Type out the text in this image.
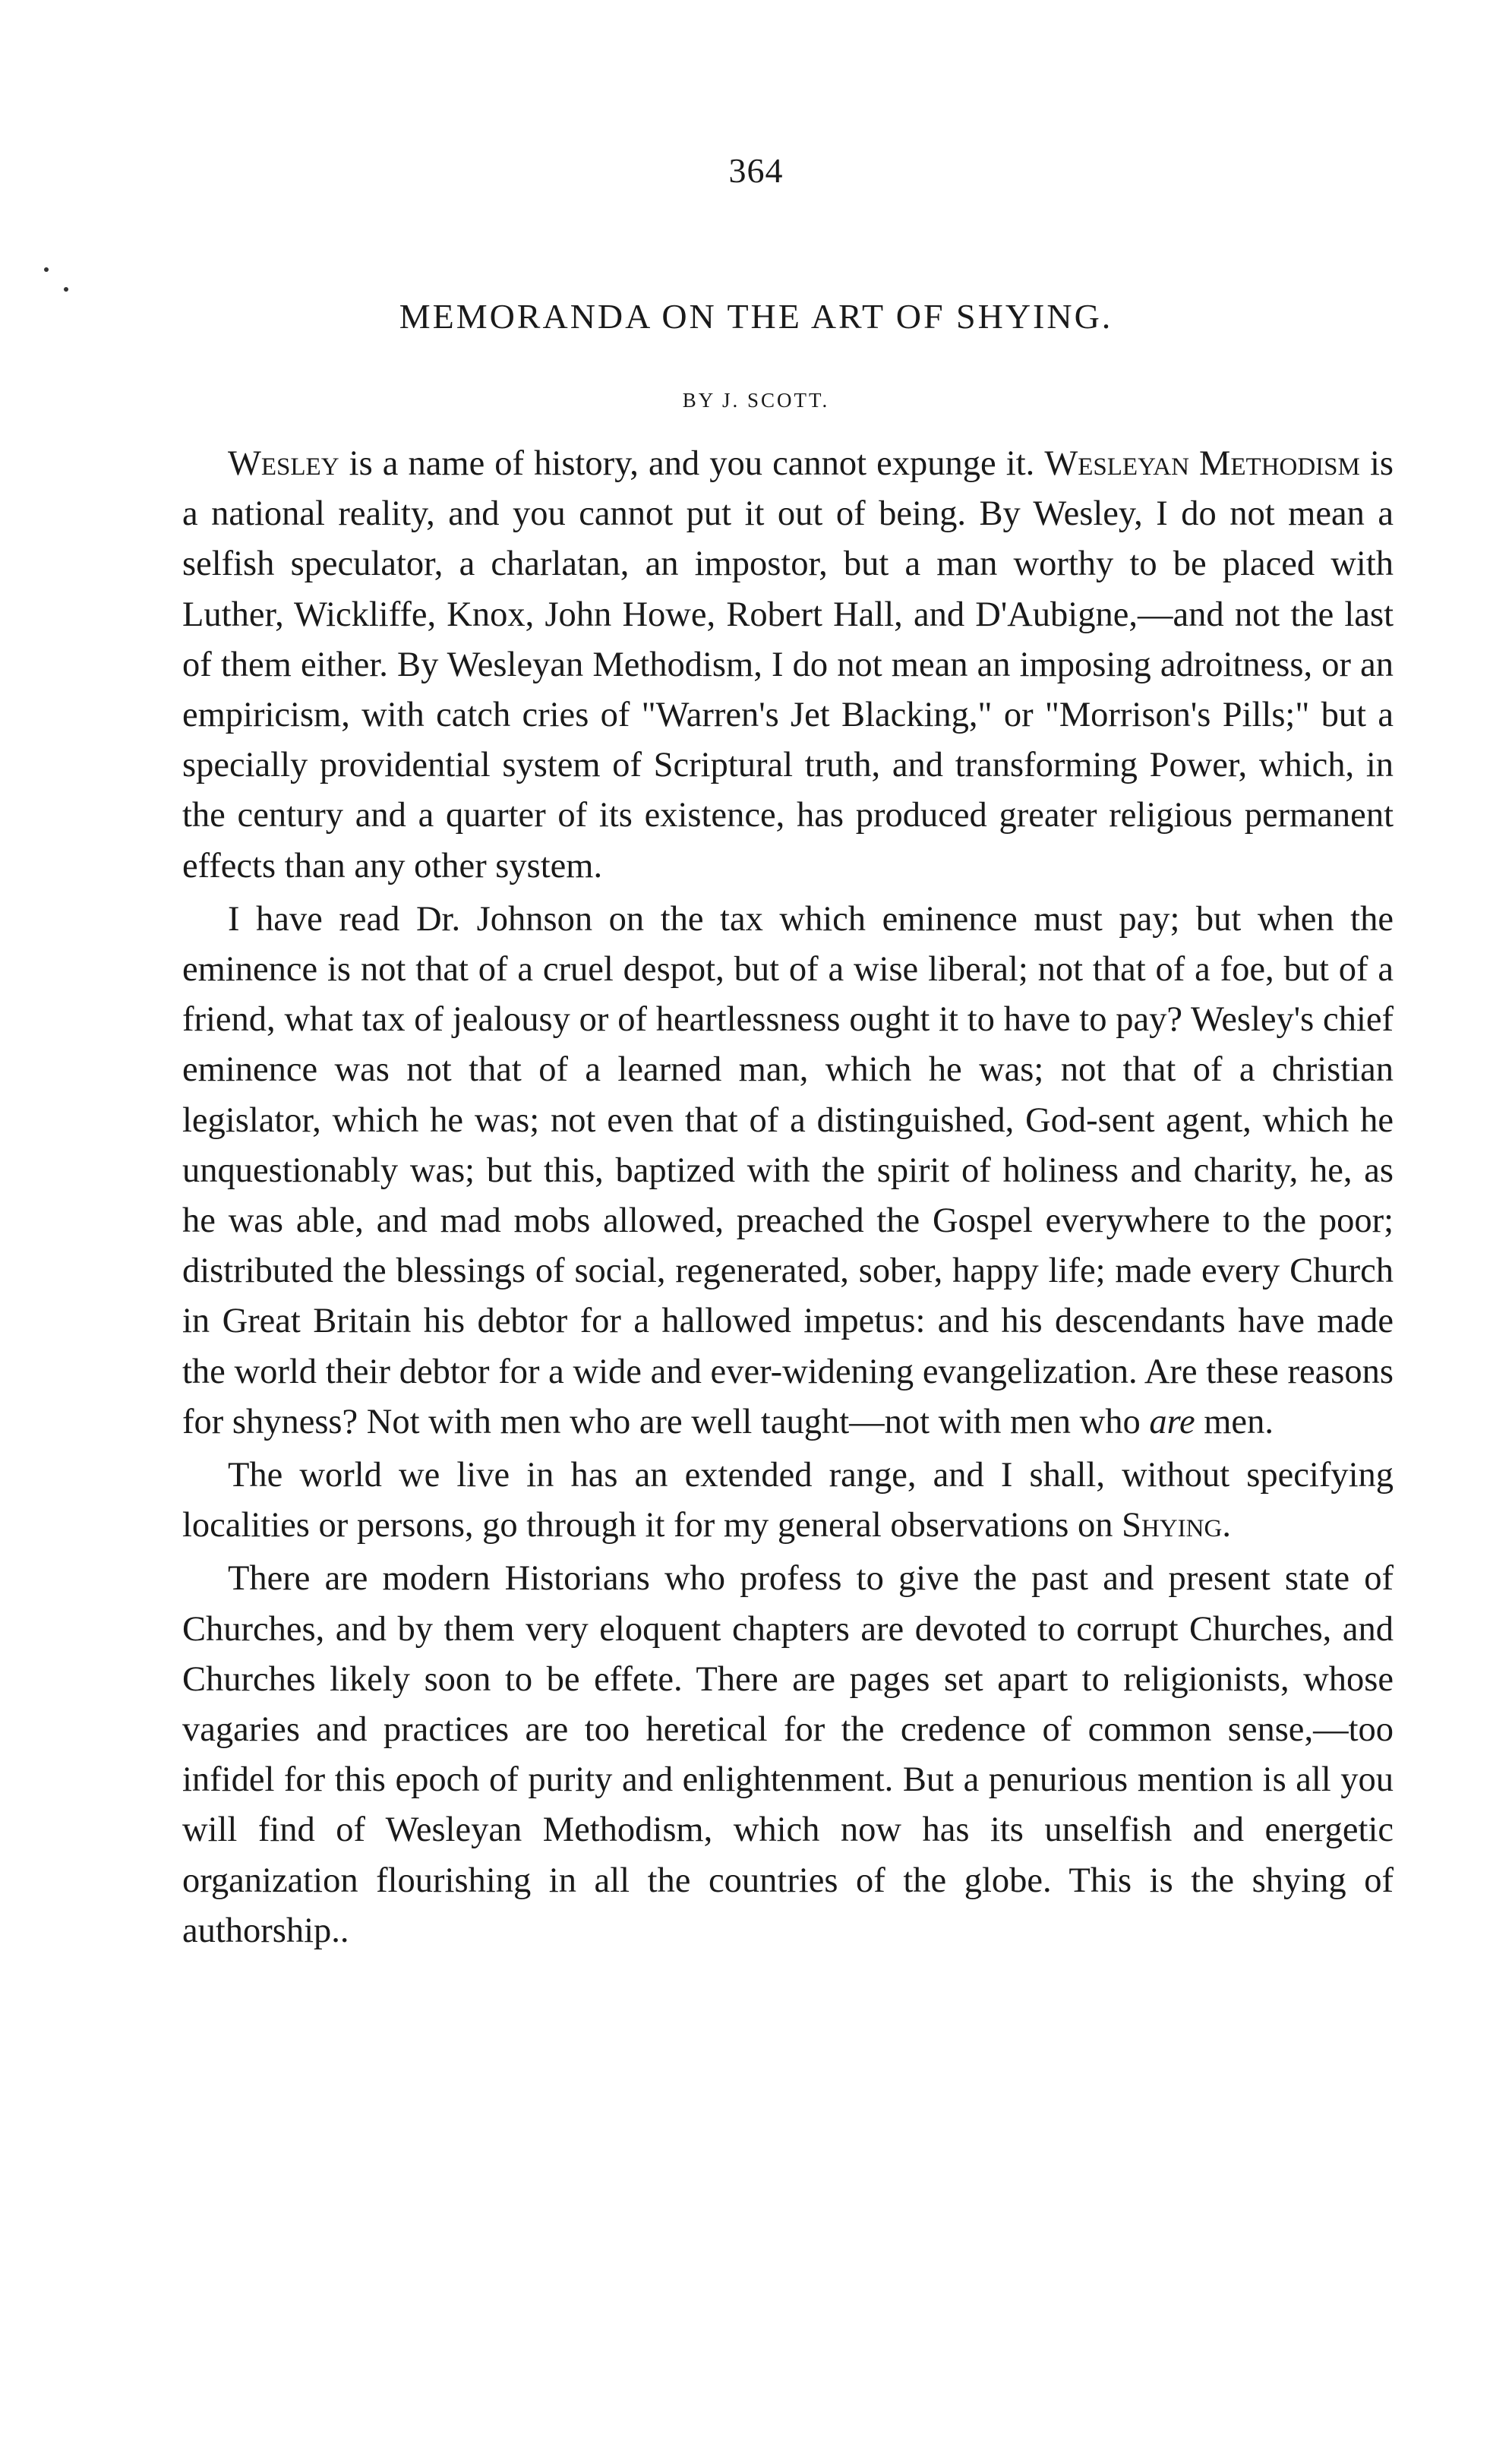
364
MEMORANDA ON THE ART OF SHYING.
BY J. SCOTT.

Wesley is a name of history, and you cannot expunge it. Wesleyan Methodism is a national reality, and you cannot put it out of being. By Wesley, I do not mean a selfish speculator, a charlatan, an impostor, but a man worthy to be placed with Luther, Wickliffe, Knox, John Howe, Robert Hall, and D'Aubigne,—and not the last of them either. By Wesleyan Methodism, I do not mean an imposing adroitness, or an empiricism, with catch cries of "Warren's Jet Blacking," or "Morrison's Pills;" but a specially providential system of Scriptural truth, and transforming Power, which, in the century and a quarter of its existence, has produced greater religious permanent effects than any other system.

I have read Dr. Johnson on the tax which eminence must pay; but when the eminence is not that of a cruel despot, but of a wise liberal; not that of a foe, but of a friend, what tax of jealousy or of heartlessness ought it to have to pay? Wesley's chief eminence was not that of a learned man, which he was; not that of a christian legislator, which he was; not even that of a distinguished, God-sent agent, which he unquestionably was; but this, baptized with the spirit of holiness and charity, he, as he was able, and mad mobs allowed, preached the Gospel everywhere to the poor; distributed the blessings of social, regenerated, sober, happy life; made every Church in Great Britain his debtor for a hallowed impetus: and his descendants have made the world their debtor for a wide and ever-widening evangelization. Are these reasons for shyness? Not with men who are well taught—not with men who are men.

The world we live in has an extended range, and I shall, without specifying localities or persons, go through it for my general observations on Shying.

There are modern Historians who profess to give the past and present state of Churches, and by them very eloquent chapters are devoted to corrupt Churches, and Churches likely soon to be effete. There are pages set apart to religionists, whose vagaries and practices are too heretical for the credence of common sense,—too infidel for this epoch of purity and enlightenment. But a penurious mention is all you will find of Wesleyan Methodism, which now has its unselfish and energetic organization flourishing in all the countries of the globe. This is the shying of authorship..
